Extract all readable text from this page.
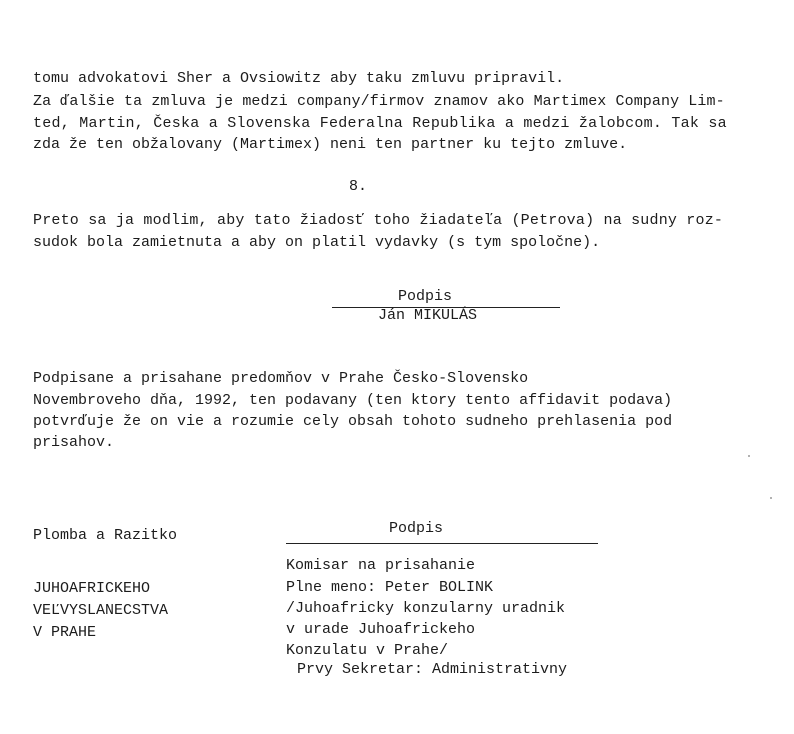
tomu advokatovi Sher a Ovsiowitz aby taku zmluvu pripravil.
Za ďalšie ta zmluva je medzi company/firmov znamov ako Martimex Company Lim-
ted, Martin, Česka a Slovenska Federalna Republika a medzi žalobcom. Tak sa
zda že ten obžalovany (Martimex) neni ten partner ku tejto zmluve.
8.
Preto sa ja modlim, aby tato žiadosť toho žiadateľa (Petrova) na sudny roz-
sudok bola zamietnuta a aby on platil vydavky (s tym spoločne).
Podpis
Ján MIKULÁS
Podpisane a prisahane predomňov v Prahe Česko-Slovensko
Novembroveho dňa, 1992, ten podavany (ten ktory tento affidavit podava)
potvrďuje že on vie a rozumie cely obsah tohoto sudneho prehlasenia pod
prisahov.
Plomba a Razitko
JUHOAFRICKEHO
VEĽVYSLANECSTVA
V PRAHE
Podpis
Komisar na prisahanie
Plne meno: Peter BOLINK
/Juhoafricky konzularny uradnik
v urade Juhoafrickeho
Konzulatu v Prahe/
Prvy Sekretar: Administrativny
